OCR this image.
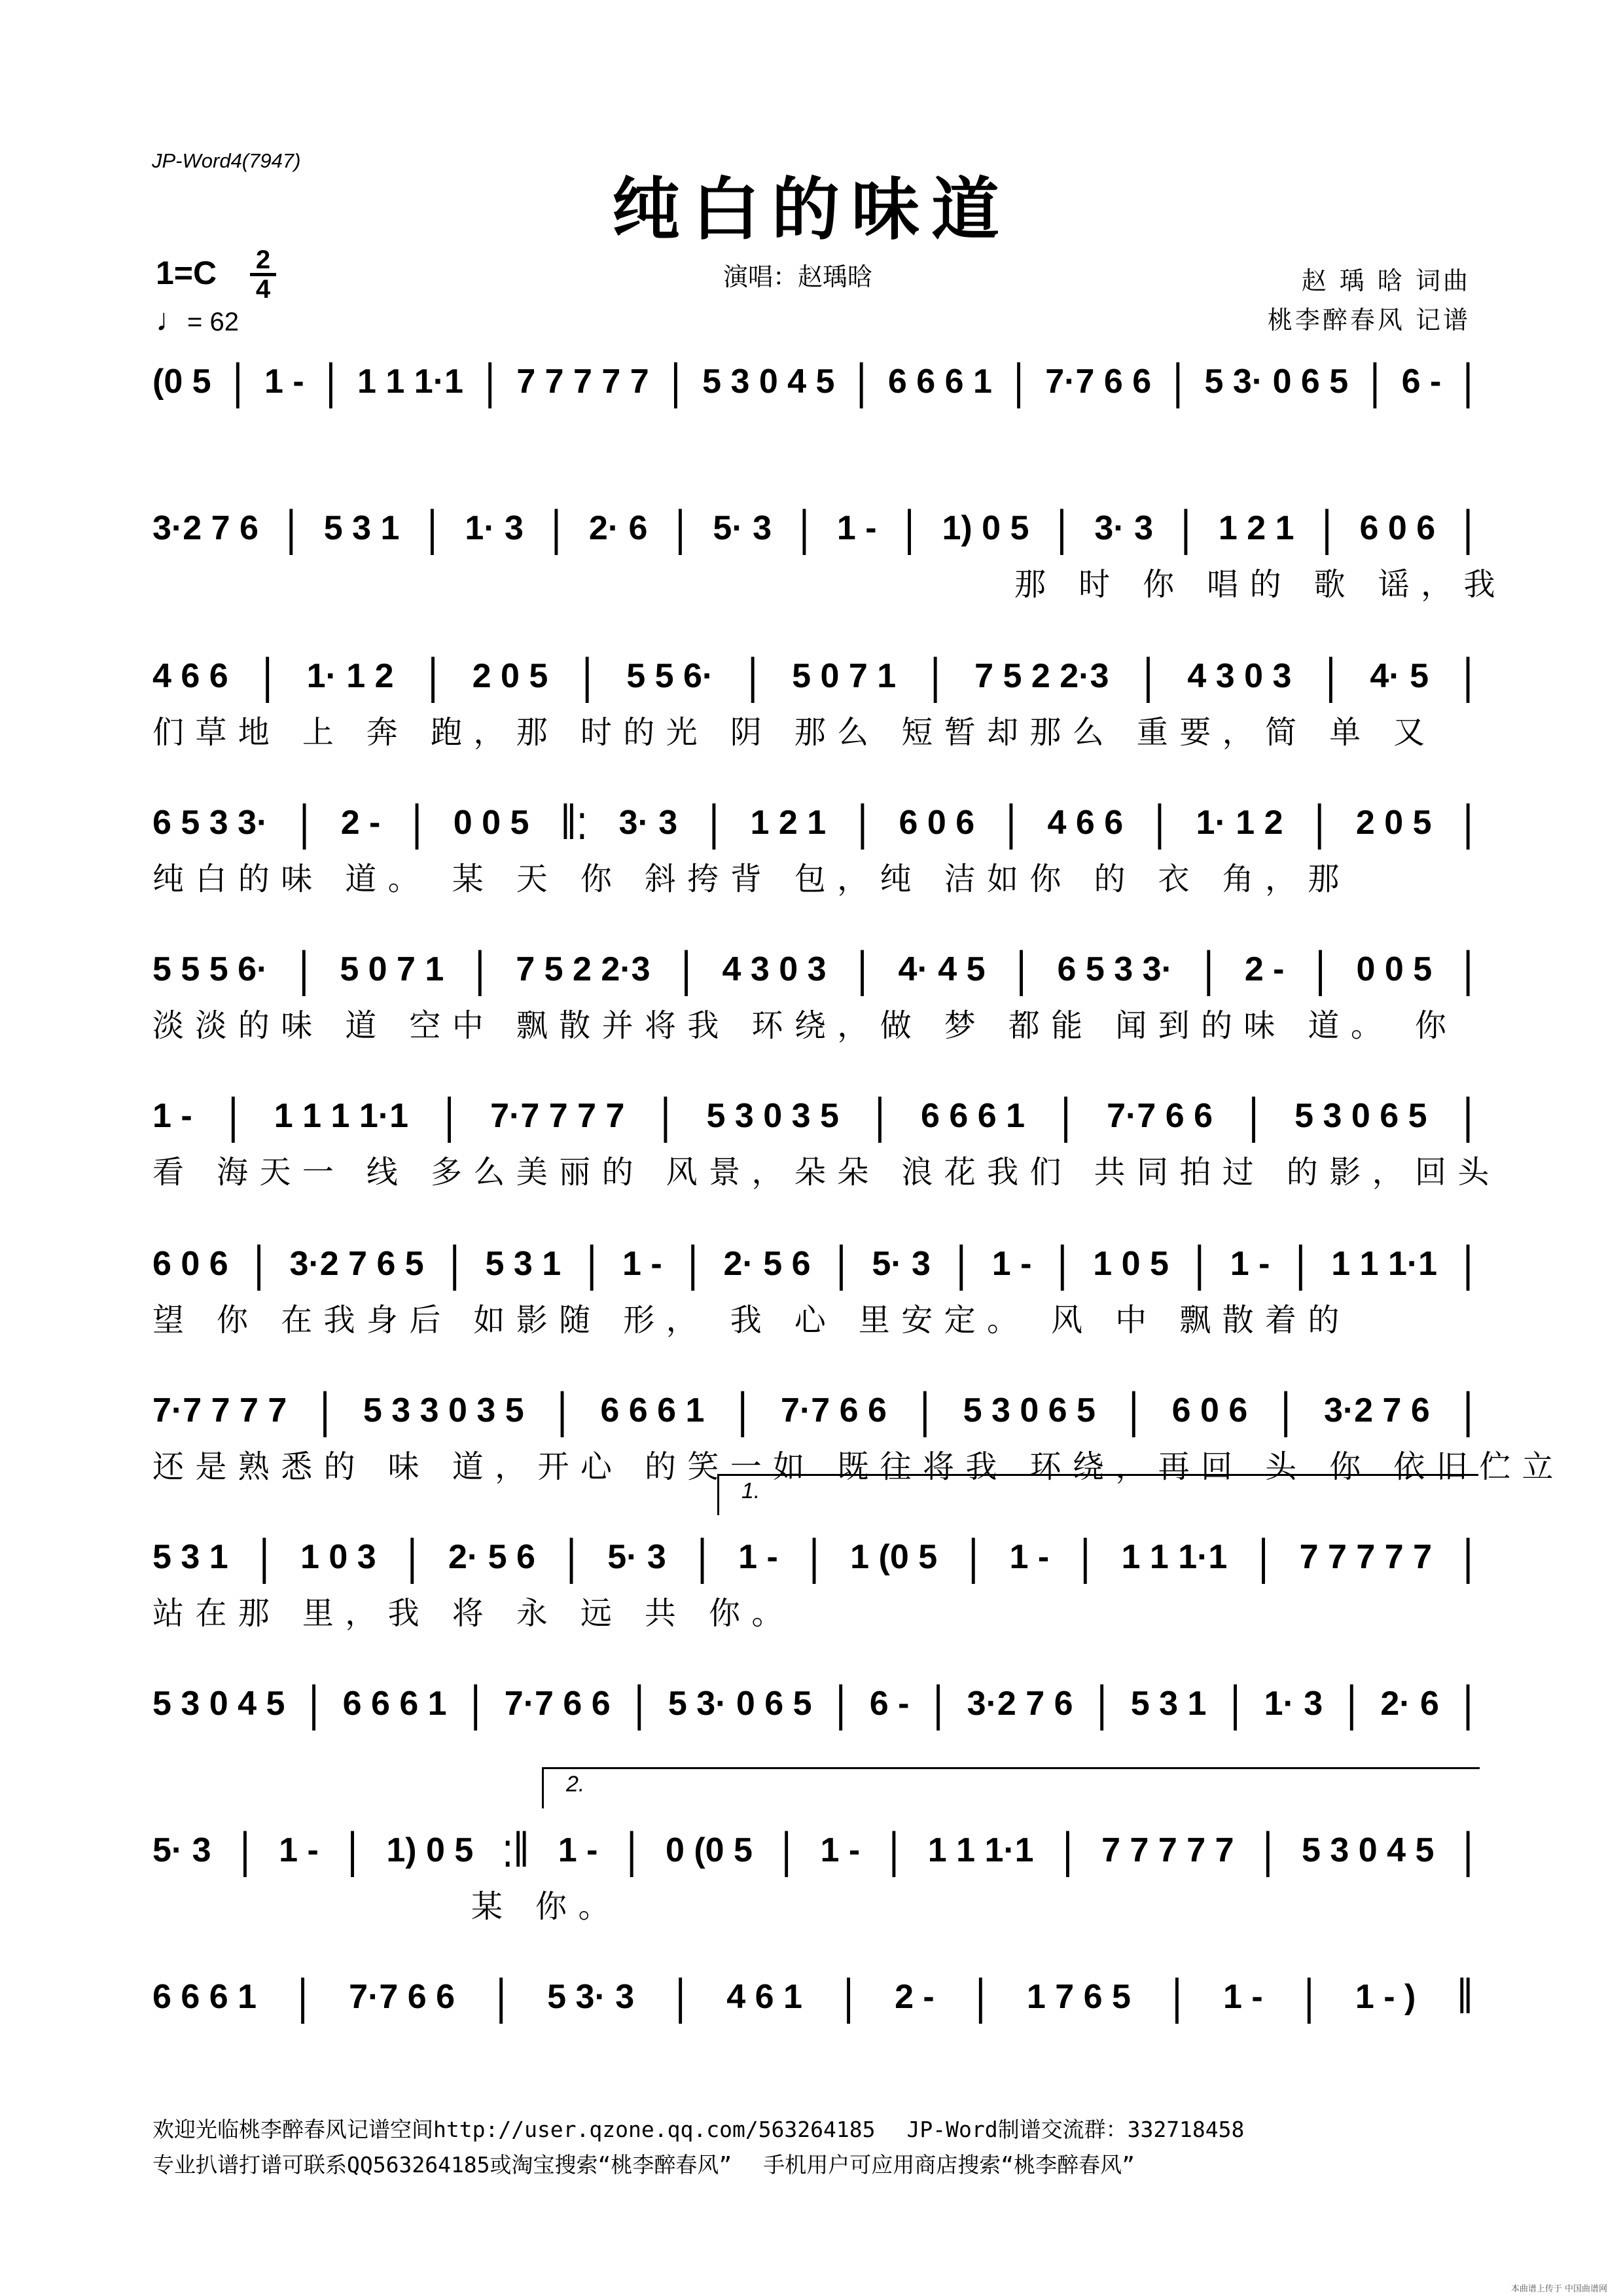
JP-Word4(7947)
纯白的味道
1=C 2
4
♩= 62
演唱：赵瑀晗	赵 瑀 晗 词曲
桃李醉春风 记谱
(0 5 | 1 - | 1 1 1·1 | 7 7 7 7 7 | 5 3 0 4 5 | 6 6 6 1 | 7·7 6 6 | 5 3· 0 6 5 | 6 - |
3·2 7 6 | 5 3 1 | 1· 3 | 2· 6 | 5· 3 | 1 - | 1) 0 5 | 3· 3 | 1 2 1 | 6 0 6 |
那 时 你 唱的 歌 谣，我
4 6 6 | 1· 1 2 | 2 0 5 | 5 5 6· | 5 0 7 1 | 7 5 2 2·3 | 4 3 0 3 | 4· 5 |
们草地 上 奔 跑，那 时的光 阴 那么 短暂却那么 重要，简 单 又
6 5 3 3· | 2 - | 0 0 5 ‖: 3· 3 | 1 2 1 | 6 0 6 | 4 6 6 | 1· 1 2 | 2 0 5 |
纯白的味 道。 某 天 你 斜挎背 包，纯 洁如你 的 衣 角，那
5 5 5 6· | 5 0 7 1 | 7 5 2 2·3 | 4 3 0 3 | 4· 4 5 | 6 5 3 3· | 2 - | 0 0 5 |
淡淡的味 道 空中 飘散并将我 环绕，做 梦 都能 闻到的味 道。 你
1 - | 1 1 1 1·1 | 7·7 7 7 7 | 5 3 0 3 5 | 6 6 6 1 | 7·7 6 6 | 5 3 0 6 5 |
看 海天一 线 多么美丽的 风景，朵朵 浪花我们 共同拍过 的影，回头
6 0 6 | 3·2 7 6 5 | 5 3 1 | 1 - | 2· 5 6 | 5· 3 | 1 - | 1 0 5 | 1 - | 1 1 1·1 |
望 你 在我身后 如影随 形， 我 心 里安定。 风 中 飘散着的
7·7 7 7 7 | 5 3 3 0 3 5 | 6 6 6 1 | 7·7 6 6 | 5 3 0 6 5 | 6 0 6 | 3·2 7 6 |
还是熟悉的 味 道，开心 的笑一如 既往将我 环绕，再回 头 你 依旧伫立
5 3 1 | 1 0 3 | 2· 5 6 | 5· 3 | 1 - | 1 (0 5 | 1 - | 1 1 1·1 | 7 7 7 7 7 |
1.
站在那 里，我 将 永 远 共 你。
5 3 0 4 5 | 6 6 6 1 | 7·7 6 6 | 5 3· 0 6 5 | 6 - | 3·2 7 6 | 5 3 1 | 1· 3 | 2· 6 |
5· 3 | 1 - | 1) 0 5 :‖ 1 - | 0 (0 5 | 1 - | 1 1 1·1 | 7 7 7 7 7 | 5 3 0 4 5 |
2.
某 你。
6 6 6 1 | 7·7 6 6 | 5 3· 3 | 4 6 1 | 2 - | 1 7 6 5 | 1 - | 1 - ) ‖
欢迎光临桃李醉春风记谱空间http://user.qzone.qq.com/563264185 JP-Word制谱交流群：332718458
专业扒谱打谱可联系QQ563264185或淘宝搜索“桃李醉春风” 手机用户可应用商店搜索“桃李醉春风”
本曲谱上传于 中国曲谱网
